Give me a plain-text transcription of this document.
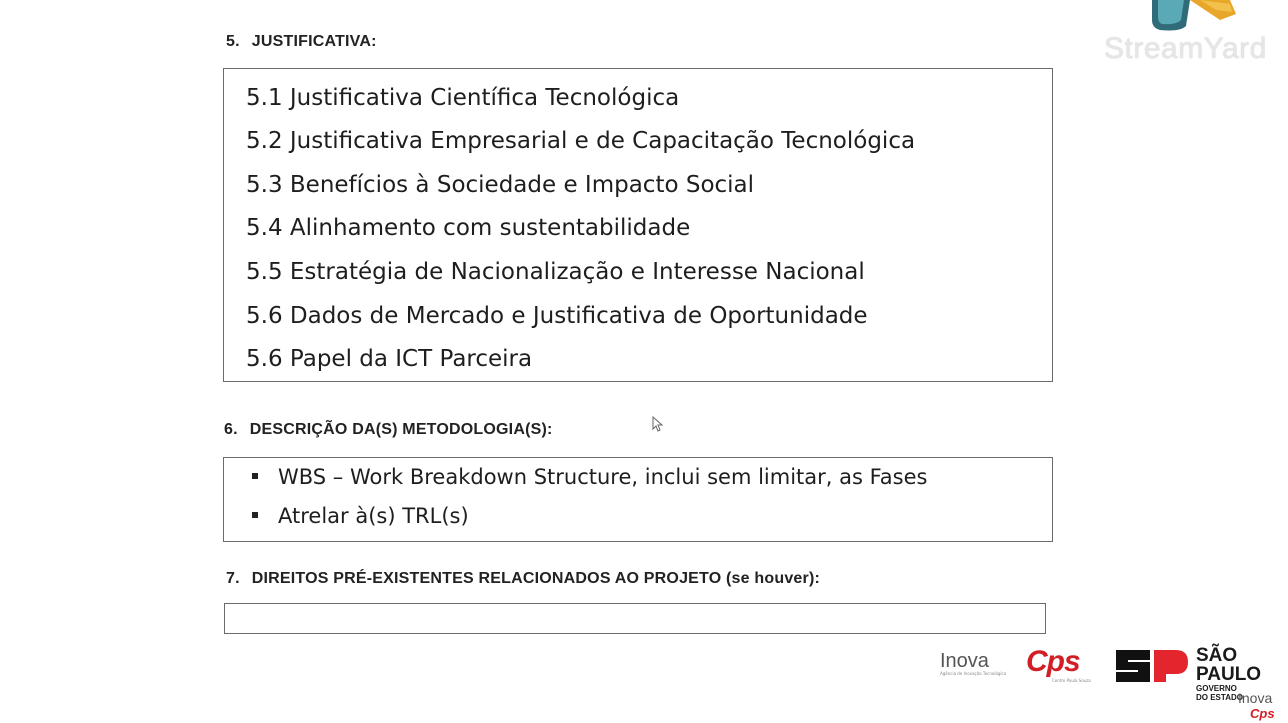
StreamYard
5. JUSTIFICATIVA:
5.1 Justificativa Científica Tecnológica
5.2 Justificativa Empresarial e de Capacitação Tecnológica
5.3 Benefícios à Sociedade e Impacto Social
5.4 Alinhamento com sustentabilidade
5.5 Estratégia de Nacionalização e Interesse Nacional
5.6 Dados de Mercado e Justificativa de Oportunidade
5.6 Papel da ICT Parceira
6. DESCRIÇÃO DA(S) METODOLOGIA(S):
WBS – Work Breakdown Structure, inclui sem limitar, as Fases
Atrelar à(s) TRL(s)
7. DIREITOS PRÉ-EXISTENTES RELACIONADOS AO PROJETO (se houver):
Inova
Agência de Inovação Tecnológica Cps
Centro Paula Souza
SÃO
PAULO
GOVERNO
DO ESTADO
Inova
Cps
